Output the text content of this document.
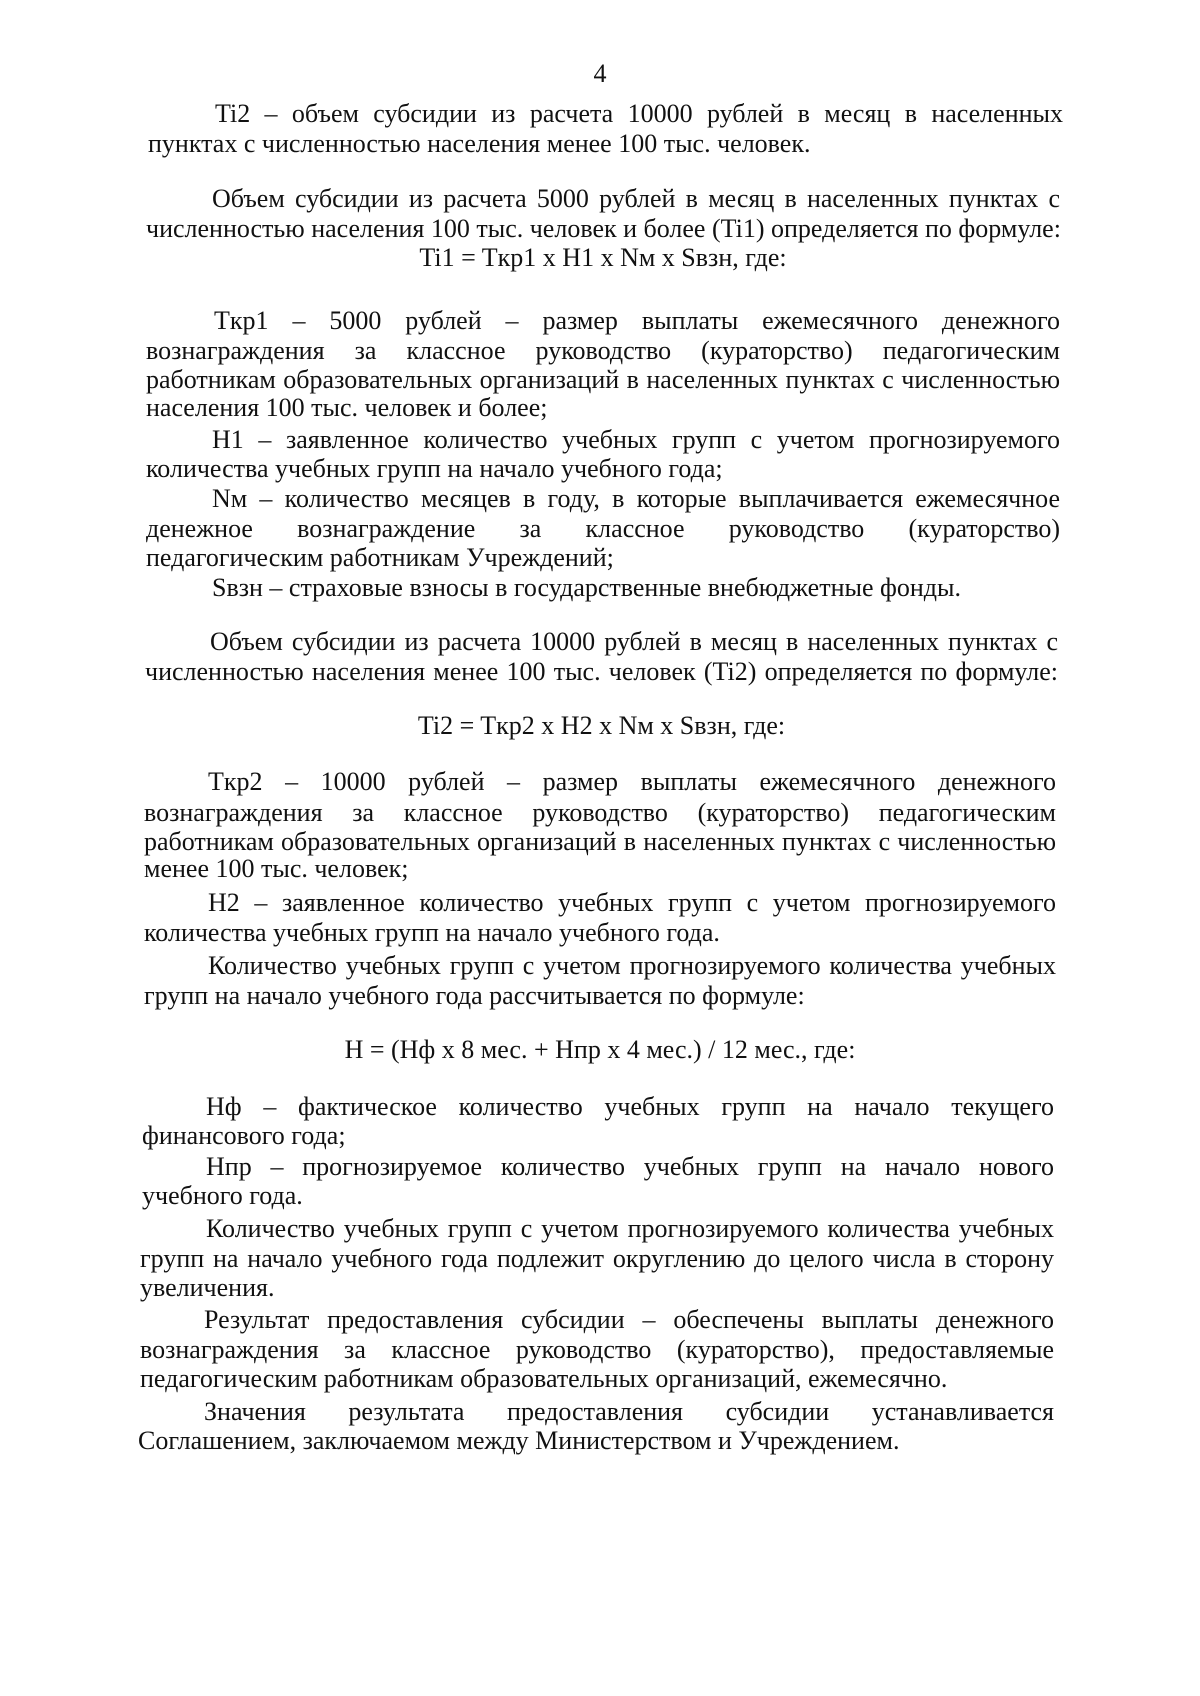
4
Ti2 – объем субсидии из расчета 10000 рублей в месяц в населенных
пунктах с численностью населения менее 100 тыс. человек.
Объем субсидии из расчета 5000 рублей в месяц в населенных пунктах с
численностью населения 100 тыс. человек и более (Ti1) определяется по формуле:
Ti1 = Tкр1 x H1 x Nм x Sвзн, где:
Tкр1 – 5000 рублей – размер выплаты ежемесячного денежного
вознаграждения за классное руководство (кураторство) педагогическим
работникам образовательных организаций в населенных пунктах с численностью
населения 100 тыс. человек и более;
H1 – заявленное количество учебных групп с учетом прогнозируемого
количества учебных групп на начало учебного года;
Nм – количество месяцев в году, в которые выплачивается ежемесячное
денежное вознаграждение за классное руководство (кураторство)
педагогическим работникам Учреждений;
Sвзн – страховые взносы в государственные внебюджетные фонды.
Объем субсидии из расчета 10000 рублей в месяц в населенных пунктах с
численностью населения менее 100 тыс. человек (Ti2) определяется по формуле:
Ti2 = Tкр2 x H2 x Nм x Sвзн, где:
Tкр2 – 10000 рублей – размер выплаты ежемесячного денежного
вознаграждения за классное руководство (кураторство) педагогическим
работникам образовательных организаций в населенных пунктах с численностью
менее 100 тыс. человек;
H2 – заявленное количество учебных групп с учетом прогнозируемого
количества учебных групп на начало учебного года.
Количество учебных групп с учетом прогнозируемого количества учебных
групп на начало учебного года рассчитывается по формуле:
H = (Hф x 8 мес. + Hпр x 4 мес.) / 12 мес., где:
Hф – фактическое количество учебных групп на начало текущего
финансового года;
Hпр – прогнозируемое количество учебных групп на начало нового
учебного года.
Количество учебных групп с учетом прогнозируемого количества учебных
групп на начало учебного года подлежит округлению до целого числа в сторону
увеличения.
Результат предоставления субсидии – обеспечены выплаты денежного
вознаграждения за классное руководство (кураторство), предоставляемые
педагогическим работникам образовательных организаций, ежемесячно.
Значения результата предоставления субсидии устанавливается
Соглашением, заключаемом между Министерством и Учреждением.
